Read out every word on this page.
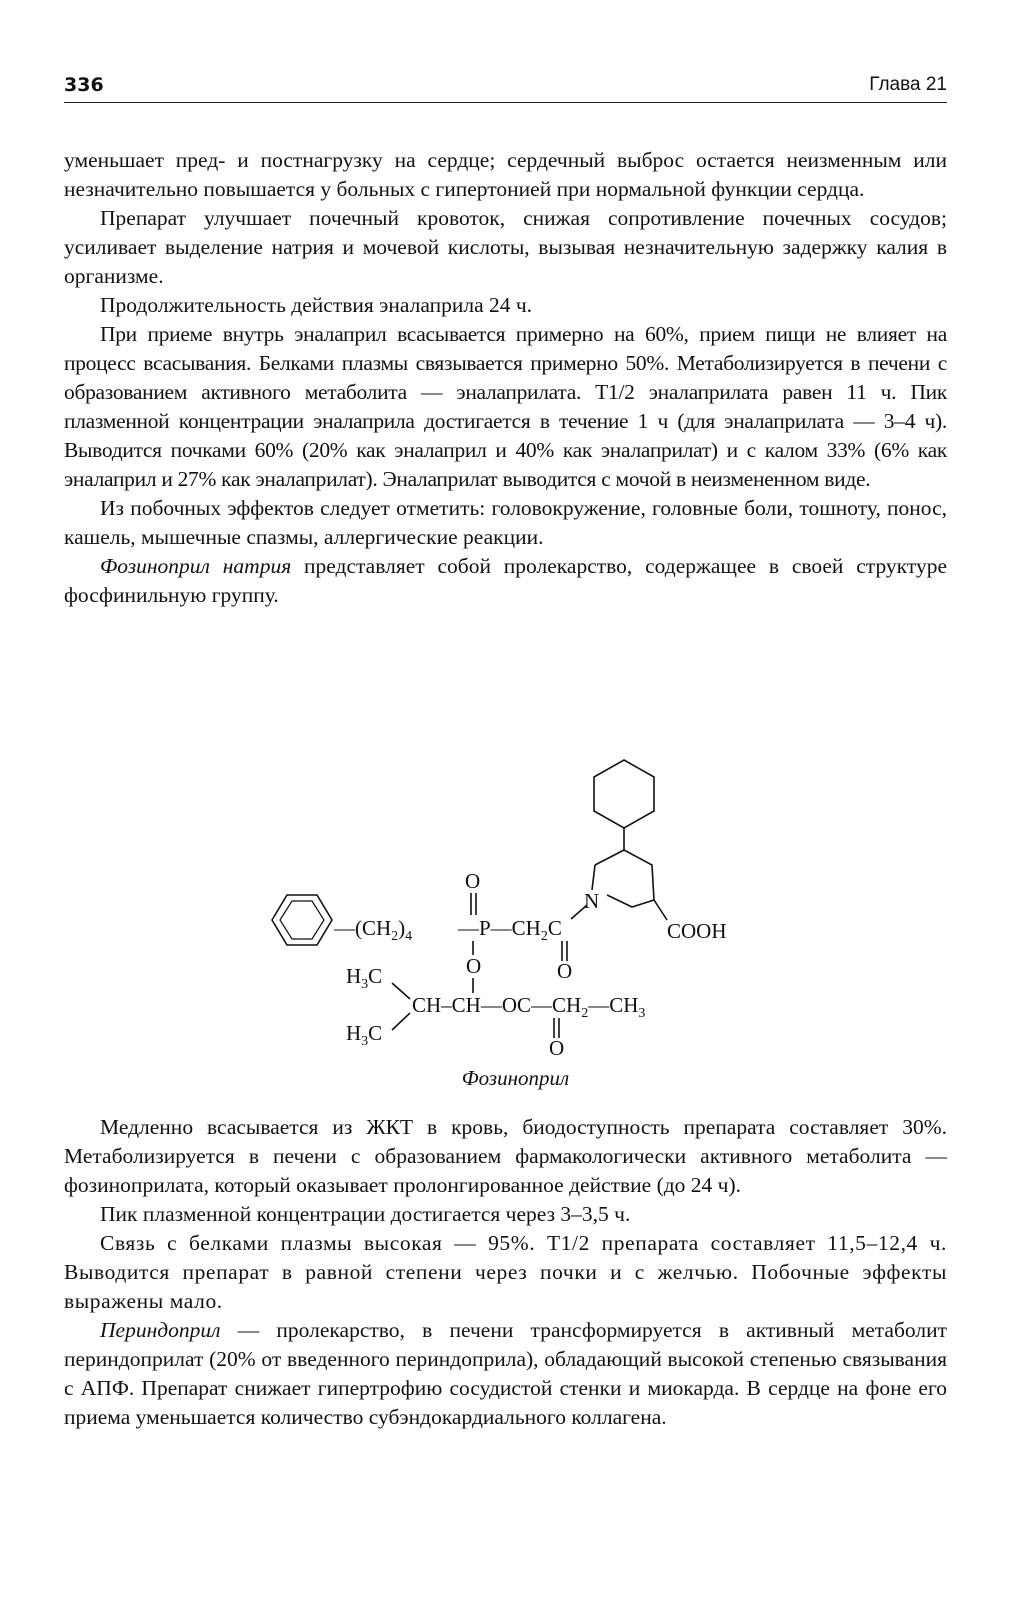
336	Глава 21

уменьшает пред- и постнагрузку на сердце; сердечный выброс остается неизменным или незначительно повышается у больных с гипертонией при нормальной функции сердца.

Препарат улучшает почечный кровоток, снижая сопротивление почечных сосудов; усиливает выделение натрия и мочевой кислоты, вызывая незначительную задержку калия в организме.

Продолжительность действия эналаприла 24 ч.

При приеме внутрь эналаприл всасывается примерно на 60%, прием пищи не влияет на процесс всасывания. Белками плазмы связывается примерно 50%. Метаболизируется в печени с образованием активного метаболита — эналаприлата. T1/2 эналаприлата равен 11 ч. Пик плазменной концентрации эналаприла достигается в течение 1 ч (для эналаприлата — 3–4 ч). Выводится почками 60% (20% как эналаприл и 40% как эналаприлат) и с калом 33% (6% как эналаприл и 27% как эналаприлат). Эналаприлат выводится с мочой в неизмененном виде.

Из побочных эффектов следует отметить: головокружение, головные боли, тошноту, понос, кашель, мышечные спазмы, аллергические реакции.

Фозиноприл натрия представляет собой пролекарство, содержащее в своей структуре фосфинильную группу.

N
COOH
$—(CH_2)_4$ $—P—CH_2C$
O
O
O
$H_3C$
$H_3C$
$CH-CH—OC—CH_2—CH_3$
O
Фозиноприл

Медленно всасывается из ЖКТ в кровь, биодоступность препарата составляет 30%. Метаболизируется в печени с образованием фармакологически активного метаболита — фозиноприлата, который оказывает пролонгированное действие (до 24 ч).

Пик плазменной концентрации достигается через 3–3,5 ч.

Связь с белками плазмы высокая — 95%. T1/2 препарата составляет 11,5–12,4 ч. Выводится препарат в равной степени через почки и с желчью. Побочные эффекты выражены мало.

Периндоприл — пролекарство, в печени трансформируется в активный метаболит периндоприлат (20% от введенного периндоприла), обладающий высокой степенью связывания с АПФ. Препарат снижает гипертрофию сосудистой стенки и миокарда. В сердце на фоне его приема уменьшается количество субэндокардиального коллагена.
